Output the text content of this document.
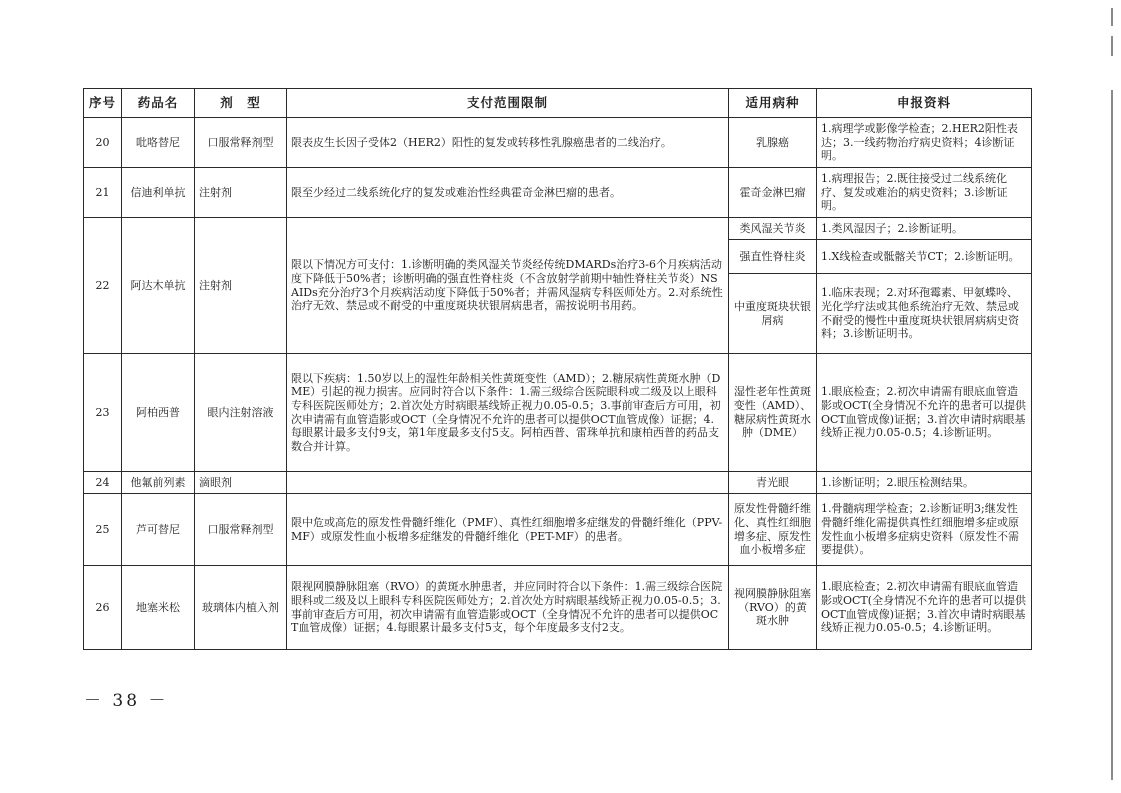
序号	药品名	剂　型	支付范围限制	适用病种	申报资料
20	吡咯替尼	口服常释剂型	限表皮生长因子受体2（HER2）阳性的复发或转移性乳腺癌患者的二线治疗。	乳腺癌	1.病理学或影像学检查；2.HER2阳性表达；3.一线药物治疗病史资料；4诊断证明。
21	信迪利单抗	注射剂	限至少经过二线系统化疗的复发或难治性经典霍奇金淋巴瘤的患者。	霍奇金淋巴瘤	1.病理报告；2.既往接受过二线系统化疗、复发或难治的病史资料；3.诊断证明。
22	阿达木单抗	注射剂	限以下情况方可支付：1.诊断明确的类风湿关节炎经传统DMARDs治疗3-6个月疾病活动度下降低于50%者；诊断明确的强直性脊柱炎（不含放射学前期中轴性脊柱关节炎）NSAIDs充分治疗3个月疾病活动度下降低于50%者；并需风湿病专科医师处方。2.对系统性治疗无效、禁忌或不耐受的中重度斑块状银屑病患者，需按说明书用药。	类风湿关节炎	1.类风湿因子；2.诊断证明。
				强直性脊柱炎	1.X线检查或骶髂关节CT；2.诊断证明。
				中重度斑块状银屑病	1.临床表现；2.对环孢霉素、甲氨蝶呤、光化学疗法或其他系统治疗无效、禁忌或不耐受的慢性中重度斑块状银屑病病史资料；3.诊断证明书。
23	阿柏西普	眼内注射溶液	限以下疾病：1.50岁以上的湿性年龄相关性黄斑变性（AMD）；2.糖尿病性黄斑水肿（DME）引起的视力损害。应同时符合以下条件：1.需三级综合医院眼科或二级及以上眼科专科医院医师处方；2.首次处方时病眼基线矫正视力0.05-0.5；3.事前审查后方可用，初次申请需有血管造影或OCT（全身情况不允许的患者可以提供OCT血管成像）证据；4.每眼累计最多支付9支，第1年度最多支付5支。阿柏西普、雷珠单抗和康柏西普的药品支数合并计算。	湿性老年性黄斑变性（AMD）、糖尿病性黄斑水肿（DME）	1.眼底检查；2.初次申请需有眼底血管造影或OCT(全身情况不允许的患者可以提供OCT血管成像)证据；3.首次申请时病眼基线矫正视力0.05-0.5；4.诊断证明。
24	他氟前列素	滴眼剂		青光眼	1.诊断证明；2.眼压检测结果。
25	芦可替尼	口服常释剂型	限中危或高危的原发性骨髓纤维化（PMF）、真性红细胞增多症继发的骨髓纤维化（PPV-MF）或原发性血小板增多症继发的骨髓纤维化（PET-MF）的患者。	原发性骨髓纤维化、真性红细胞增多症、原发性血小板增多症	1.骨髓病理学检查；2.诊断证明3;继发性骨髓纤维化需提供真性红细胞增多症或原发性血小板增多症病史资料（原发性不需要提供）。
26	地塞米松	玻璃体内植入剂	限视网膜静脉阻塞（RVO）的黄斑水肿患者，并应同时符合以下条件：1.需三级综合医院眼科或二级及以上眼科专科医院医师处方；2.首次处方时病眼基线矫正视力0.05-0.5；3.事前审查后方可用，初次申请需有血管造影或OCT（全身情况不允许的患者可以提供OCT血管成像）证据；4.每眼累计最多支付5支，每个年度最多支付2支。	视网膜静脉阻塞（RVO）的黄斑水肿	1.眼底检查；2.初次申请需有眼底血管造影或OCT(全身情况不允许的患者可以提供OCT血管成像)证据；3.首次申请时病眼基线矫正视力0.05-0.5；4.诊断证明。
－ 38 －
